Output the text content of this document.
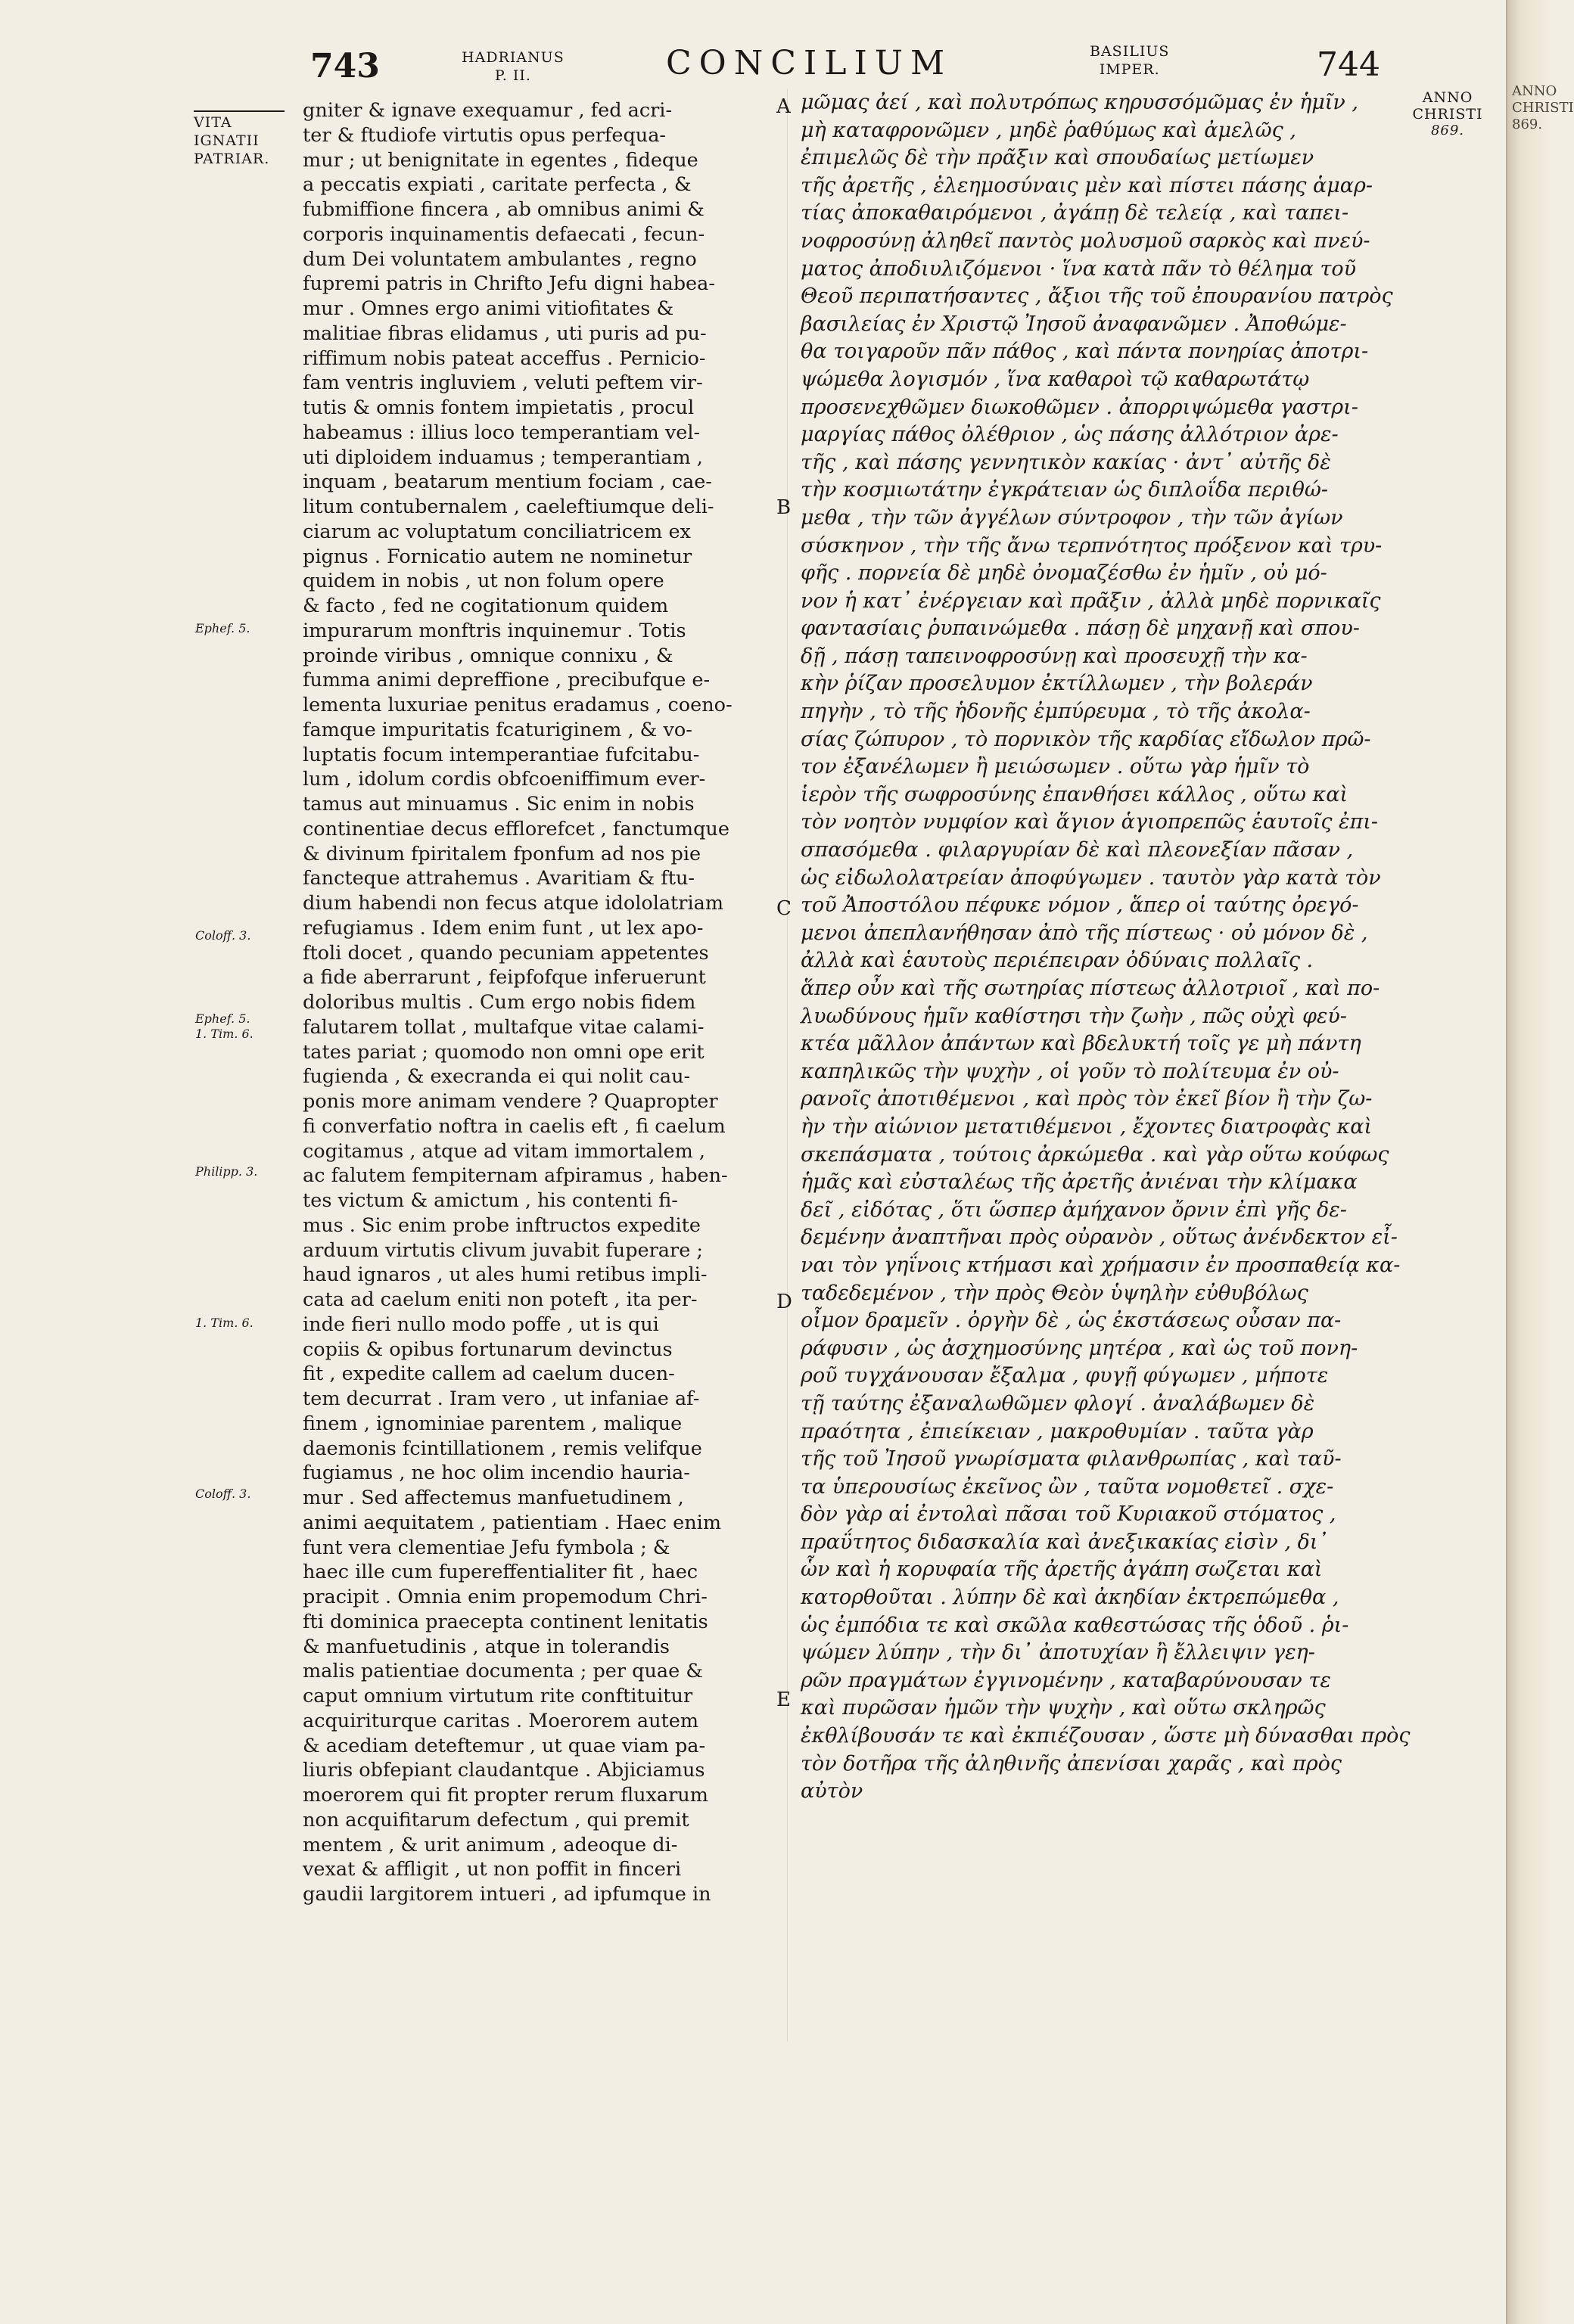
ANNO
CHRISTI
869.
743	HADRIANUS
P. II.	CONCILIUM	BASILIUS
IMPER.	744
ANNO
CHRISTI
869.
VITA
IGNATII
PATRIAR.
Ephef. 5.
Coloff. 3.
Ephef. 5.
1. Tim. 6.
Philipp. 3.
1. Tim. 6.
Coloff. 3.
gniter & ignave exequamur , fed acri-
ter & ftudiofe virtutis opus perfequa-
mur ; ut benignitate in egentes , fideque
a peccatis expiati , caritate perfecta , &
fubmiffione fincera , ab omnibus animi &
corporis inquinamentis defaecati , fecun-
dum Dei voluntatem ambulantes , regno
fupremi patris in Chrifto Jefu digni habea-
mur . Omnes ergo animi vitiofitates &
malitiae fibras elidamus , uti puris ad pu-
riffimum nobis pateat acceffus . Pernicio-
fam ventris ingluviem , veluti peftem vir-
tutis & omnis fontem impietatis , procul
habeamus : illius loco temperantiam vel-
uti diploidem induamus ; temperantiam ,
inquam , beatarum mentium fociam , cae-
litum contubernalem , caeleftiumque deli-
ciarum ac voluptatum conciliatricem ex
pignus . Fornicatio autem ne nominetur
quidem in nobis , ut non folum opere
& facto , fed ne cogitationum quidem
impurarum monftris inquinemur . Totis
proinde viribus , omnique connixu , &
fumma animi depreffione , precibufque e-
lementa luxuriae penitus eradamus , coeno-
famque impuritatis fcaturiginem , & vo-
luptatis focum intemperantiae fufcitabu-
lum , idolum cordis obfcoeniffimum ever-
tamus aut minuamus . Sic enim in nobis
continentiae decus efflorefcet , fanctumque
& divinum fpiritalem fponfum ad nos pie
fancteque attrahemus . Avaritiam & ftu-
dium habendi non fecus atque idololatriam
refugiamus . Idem enim funt , ut lex apo-
ftoli docet , quando pecuniam appetentes
a fide aberrarunt , feipfofque inferuerunt
doloribus multis . Cum ergo nobis fidem
falutarem tollat , multafque vitae calami-
tates pariat ; quomodo non omni ope erit
fugienda , & execranda ei qui nolit cau-
ponis more animam vendere ? Quapropter
fi converfatio noftra in caelis eft , fi caelum
cogitamus , atque ad vitam immortalem ,
ac falutem fempiternam afpiramus , haben-
tes victum & amictum , his contenti fi-
mus . Sic enim probe inftructos expedite
arduum virtutis clivum juvabit fuperare ;
haud ignaros , ut ales humi retibus impli-
cata ad caelum eniti non poteft , ita per-
inde fieri nullo modo poffe , ut is qui
copiis & opibus fortunarum devinctus
fit , expedite callem ad caelum ducen-
tem decurrat . Iram vero , ut infaniae af-
finem , ignominiae parentem , malique
daemonis fcintillationem , remis velifque
fugiamus , ne hoc olim incendio hauria-
mur . Sed affectemus manfuetudinem ,
animi aequitatem , patientiam . Haec enim
funt vera clementiae Jefu fymbola ; &
haec ille cum fupereffentialiter fit , haec
pracipit . Omnia enim propemodum Chri-
fti dominica praecepta continent lenitatis
& manfuetudinis , atque in tolerandis
malis patientiae documenta ; per quae &
caput omnium virtutum rite conftituitur
acquiriturque caritas . Moerorem autem
& acediam deteftemur , ut quae viam pa-
liuris obfepiant claudantque . Abjiciamus
moerorem qui fit propter rerum fluxarum
non acquifitarum defectum , qui premit
mentem , & urit animum , adeoque di-
vexat & affligit , ut non poffit in finceri
gaudii largitorem intueri , ad ipfumque in
A
B
C
D
E
μῶμας ἀεί , καὶ πολυτρόπως κηρυσσόμῶμας ἐν ἡμῖν ,
μὴ καταφρονῶμεν , μηδὲ ῥαθύμως καὶ ἀμελῶς ,
ἐπιμελῶς δὲ τὴν πρᾶξιν καὶ σπουδαίως μετίωμεν
τῆς ἀρετῆς , ἐλεημοσύναις μὲν καὶ πίστει πάσης ἁμαρ-
τίας ἀποκαθαιρόμενοι , ἀγάπῃ δὲ τελείᾳ , καὶ ταπει-
νοφροσύνῃ ἀληθεῖ παντὸς μολυσμοῦ σαρκὸς καὶ πνεύ-
ματος ἀποδιυλιζόμενοι · ἵνα κατὰ πᾶν τὸ θέλημα τοῦ
Θεοῦ περιπατήσαντες , ἄξιοι τῆς τοῦ ἐπουρανίου πατρὸς
βασιλείας ἐν Χριστῷ Ἰησοῦ ἀναφανῶμεν . Ἀποθώμε-
θα τοιγαροῦν πᾶν πάθος , καὶ πάντα πονηρίας ἀποτρι-
ψώμεθα λογισμόν , ἵνα καθαροὶ τῷ καθαρωτάτῳ
προσενεχθῶμεν διωκοθῶμεν . ἀπορριψώμεθα γαστρι-
μαργίας πάθος ὀλέθριον , ὡς πάσης ἀλλότριον ἀρε-
τῆς , καὶ πάσης γεννητικὸν κακίας · ἀντ᾽ αὐτῆς δὲ
τὴν κοσμιωτάτην ἐγκράτειαν ὡς διπλοΐδα περιθώ-
μεθα , τὴν τῶν ἀγγέλων σύντροφον , τὴν τῶν ἀγίων
σύσκηνον , τὴν τῆς ἄνω τερπνότητος πρόξενον καὶ τρυ-
φῆς . πορνεία δὲ μηδὲ ὀνομαζέσθω ἐν ἡμῖν , οὐ μό-
νον ἡ κατ᾽ ἐνέργειαν καὶ πρᾶξιν , ἀλλὰ μηδὲ πορνικαῖς
φαντασίαις ῥυπαινώμεθα . πάσῃ δὲ μηχανῇ καὶ σπου-
δῇ , πάσῃ ταπεινοφροσύνῃ καὶ προσευχῇ τὴν κα-
κὴν ῥίζαν προσελυμον ἐκτίλλωμεν , τὴν βολεράν
πηγὴν , τὸ τῆς ἡδονῆς ἐμπύρευμα , τὸ τῆς ἀκολα-
σίας ζώπυρον , τὸ πορνικὸν τῆς καρδίας εἴδωλον πρῶ-
τον ἐξανέλωμεν ἢ μειώσωμεν . οὕτω γὰρ ἡμῖν τὸ
ἱερὸν τῆς σωφροσύνης ἐπανθήσει κάλλος , οὕτω καὶ
τὸν νοητὸν νυμφίον καὶ ἅγιον ἁγιοπρεπῶς ἑαυτοῖς ἐπι-
σπασόμεθα . φιλαργυρίαν δὲ καὶ πλεονεξίαν πᾶσαν ,
ὡς εἰδωλολατρείαν ἀποφύγωμεν . ταυτὸν γὰρ κατὰ τὸν
τοῦ Ἀποστόλου πέφυκε νόμον , ἅπερ οἱ ταύτης ὀρεγό-
μενοι ἀπεπλανήθησαν ἀπὸ τῆς πίστεως · οὐ μόνον δὲ ,
ἀλλὰ καὶ ἑαυτοὺς περιέπειραν ὀδύναις πολλαῖς .
ἅπερ οὖν καὶ τῆς σωτηρίας πίστεως ἀλλοτριοῖ , καὶ πο-
λυωδύνους ἡμῖν καθίστησι τὴν ζωὴν , πῶς οὐχὶ φεύ-
κτέα μᾶλλον ἀπάντων καὶ βδελυκτή τοῖς γε μὴ πάντη
καπηλικῶς τὴν ψυχὴν , οἱ γοῦν τὸ πολίτευμα ἐν οὐ-
ρανοῖς ἀποτιθέμενοι , καὶ πρὸς τὸν ἐκεῖ βίον ἢ τὴν ζω-
ὴν τὴν αἰώνιον μετατιθέμενοι , ἔχοντες διατροφὰς καὶ
σκεπάσματα , τούτοις ἀρκώμεθα . καὶ γὰρ οὕτω κούφως
ἡμᾶς καὶ εὐσταλέως τῆς ἀρετῆς ἀνιέναι τὴν κλίμακα
δεῖ , εἰδότας , ὅτι ὥσπερ ἀμήχανον ὄρνιν ἐπὶ γῆς δε-
δεμένην ἀναπτῆναι πρὸς οὐρανὸν , οὕτως ἀνένδεκτον εἶ-
ναι τὸν γηΐνοις κτήμασι καὶ χρήμασιν ἐν προσπαθείᾳ κα-
ταδεδεμένον , τὴν πρὸς Θεὸν ὑψηλὴν εὐθυβόλως
οἶμον δραμεῖν . ὀργὴν δὲ , ὡς ἐκστάσεως οὖσαν πα-
ράφυσιν , ὡς ἀσχημοσύνης μητέρα , καὶ ὡς τοῦ πονη-
ροῦ τυγχάνουσαν ἔξαλμα , φυγῇ φύγωμεν , μήποτε
τῇ ταύτης ἐξαναλωθῶμεν φλογί . ἀναλάβωμεν δὲ
πραότητα , ἐπιείκειαν , μακροθυμίαν . ταῦτα γὰρ
τῆς τοῦ Ἰησοῦ γνωρίσματα φιλανθρωπίας , καὶ ταῦ-
τα ὑπερουσίως ἐκεῖνος ὢν , ταῦτα νομοθετεῖ . σχε-
δὸν γὰρ αἱ ἐντολαὶ πᾶσαι τοῦ Κυριακοῦ στόματος ,
πραΰτητος διδασκαλία καὶ ἀνεξικακίας εἰσὶν , δι᾽
ὧν καὶ ἡ κορυφαία τῆς ἀρετῆς ἀγάπη σωζεται καὶ
κατορθοῦται . λύπην δὲ καὶ ἀκηδίαν ἐκτρεπώμεθα ,
ὡς ἐμπόδια τε καὶ σκῶλα καθεστώσας τῆς ὁδοῦ . ῥι-
ψώμεν λύπην , τὴν δι᾽ ἀποτυχίαν ἢ ἔλλειψιν γεη-
ρῶν πραγμάτων ἐγγινομένην , καταβαρύνουσαν τε
καὶ πυρῶσαν ἡμῶν τὴν ψυχὴν , καὶ οὕτω σκληρῶς
ἐκθλίβουσάν τε καὶ ἐκπιέζουσαν , ὥστε μὴ δύνασθαι πρὸς
τὸν δοτῆρα τῆς ἀληθινῆς ἀπενίσαι χαρᾶς , καὶ πρὸς
αὐτὸν
